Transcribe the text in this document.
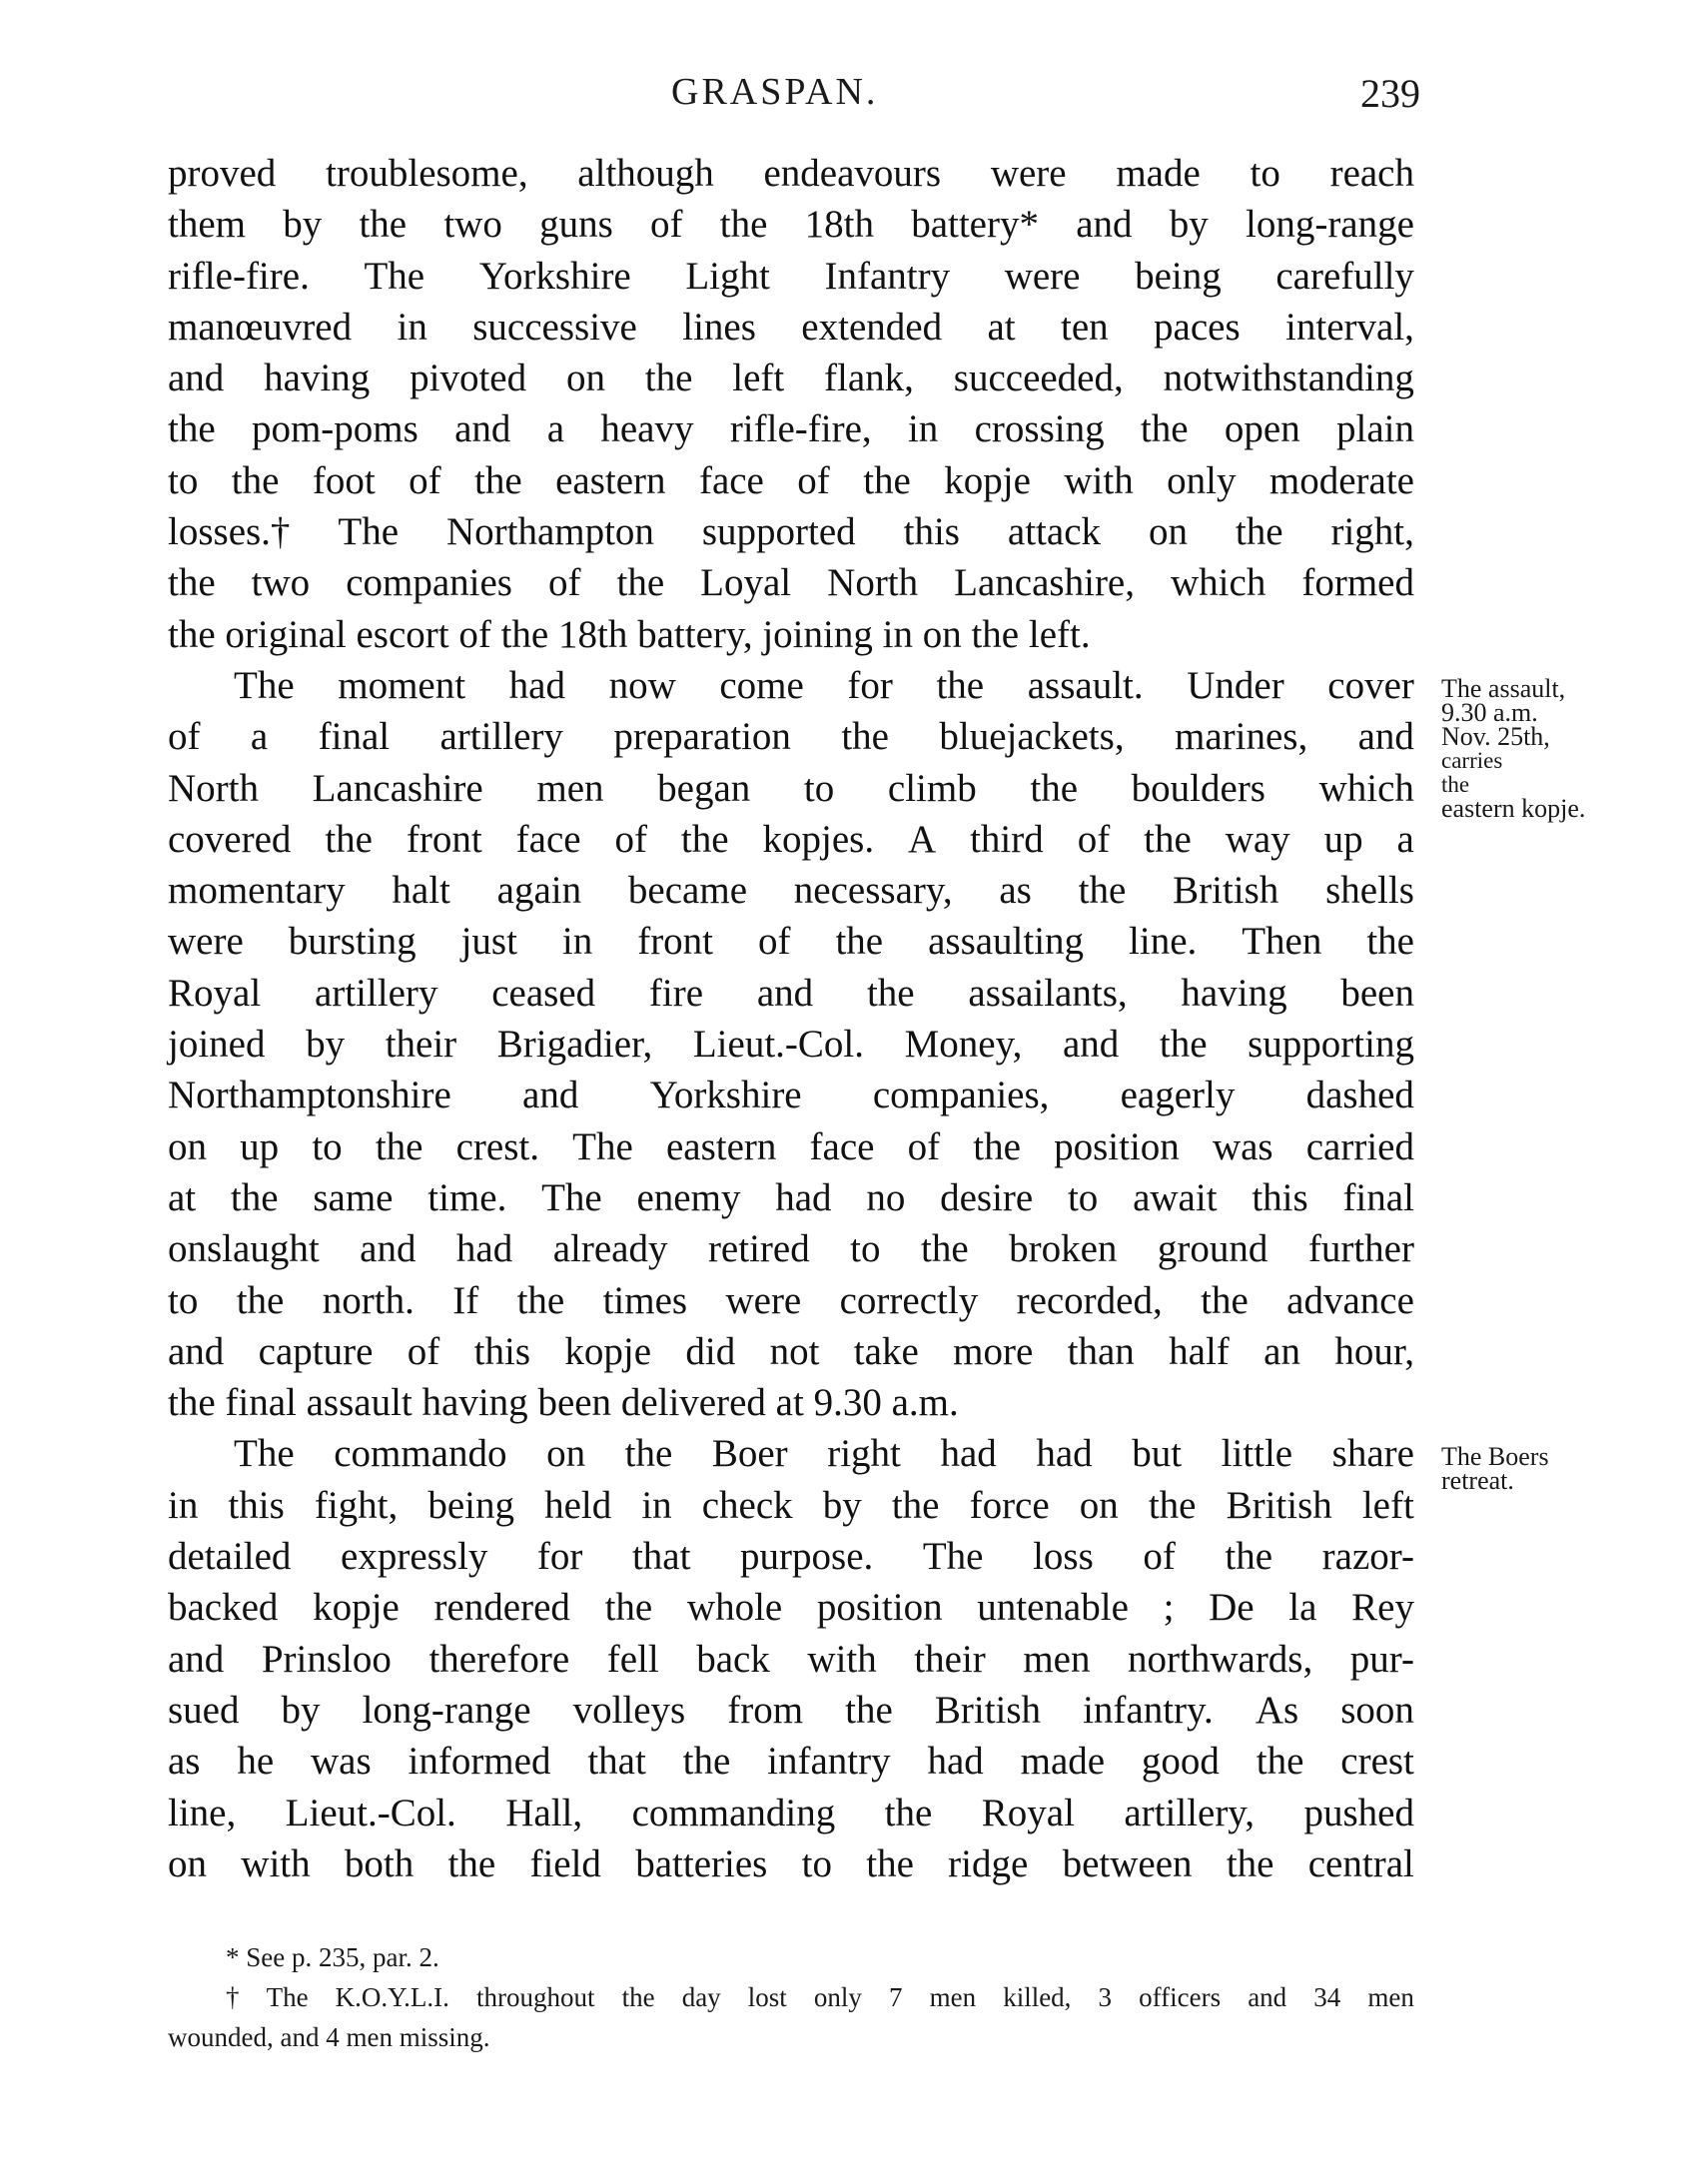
GRASPAN.	239
proved troublesome, although endeavours were made to reach
them by the two guns of the 18th battery* and by long-range
rifle-fire. The Yorkshire Light Infantry were being carefully
manœuvred in successive lines extended at ten paces interval,
and having pivoted on the left flank, succeeded, notwithstanding
the pom-poms and a heavy rifle-fire, in crossing the open plain
to the foot of the eastern face of the kopje with only moderate
losses.† The Northampton supported this attack on the right,
the two companies of the Loyal North Lancashire, which formed
the original escort of the 18th battery, joining in on the left.
The moment had now come for the assault. Under cover
of a final artillery preparation the bluejackets, marines, and
North Lancashire men began to climb the boulders which
covered the front face of the kopjes. A third of the way up a
momentary halt again became necessary, as the British shells
were bursting just in front of the assaulting line. Then the
Royal artillery ceased fire and the assailants, having been
joined by their Brigadier, Lieut.-Col. Money, and the supporting
Northamptonshire and Yorkshire companies, eagerly dashed
on up to the crest. The eastern face of the position was carried
at the same time. The enemy had no desire to await this final
onslaught and had already retired to the broken ground further
to the north. If the times were correctly recorded, the advance
and capture of this kopje did not take more than half an hour,
the final assault having been delivered at 9.30 a.m.
The commando on the Boer right had had but little share
in this fight, being held in check by the force on the British left
detailed expressly for that purpose. The loss of the razor-
backed kopje rendered the whole position untenable ; De la Rey
and Prinsloo therefore fell back with their men northwards, pur-
sued by long-range volleys from the British infantry. As soon
as he was informed that the infantry had made good the crest
line, Lieut.-Col. Hall, commanding the Royal artillery, pushed
on with both the field batteries to the ridge between the central
The assault,
9.30 a.m.
Nov. 25th,
carries
the
eastern kopje.
The Boers
retreat.
* See p. 235, par. 2.
† The K.O.Y.L.I. throughout the day lost only 7 men killed, 3 officers and 34 men
wounded, and 4 men missing.
